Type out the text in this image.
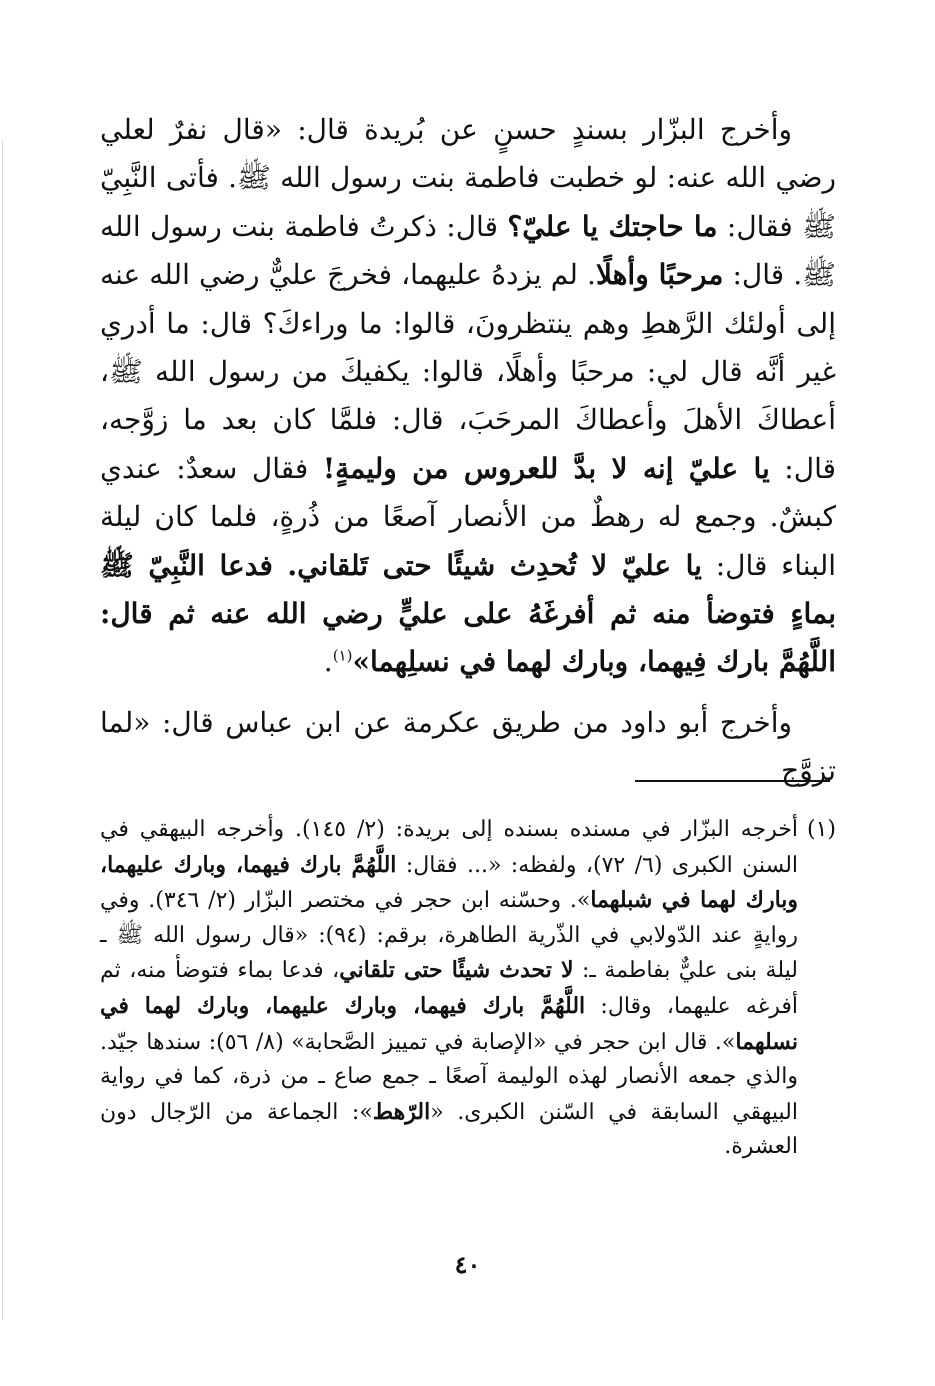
وأخرج البزّار بسندٍ حسنٍ عن بُريدة قال: «قال نفرٌ لعلي رضي الله عنه: لو خطبت فاطمة بنت رسول الله ﷺ. فأتى النَّبِيّ ﷺ فقال: ما حاجتك يا عليّ؟ قال: ذكرتُ فاطمة بنت رسول الله ﷺ. قال: مرحبًا وأهلًا. لم يزدهُ عليهما، فخرجَ عليٌّ رضي الله عنه إلى أولئك الرَّهطِ وهم ينتظرونَ، قالوا: ما وراءكَ؟ قال: ما أدري غير أنَّه قال لي: مرحبًا وأهلًا، قالوا: يكفيكَ من رسول الله ﷺ، أعطاكَ الأهلَ وأعطاكَ المرحَبَ، قال: فلمَّا كان بعد ما زوَّجه، قال: يا عليّ إنه لا بدَّ للعروس من وليمةٍ! فقال سعدٌ: عندي كبشٌ. وجمع له رهطٌ من الأنصار آصعًا من ذُرةٍ، فلما كان ليلة البناء قال: يا عليّ لا تُحدِث شيئًا حتى تَلقاني. فدعا النَّبِيّ ﷺ بماءٍ فتوضأ منه ثم أفرغَهُ على عليٍّ رضي الله عنه ثم قال: اللَّهُمَّ بارك فِيهما، وبارك لهما في نسلِهما»$^{(١)}$.

وأخرج أبو داود من طريق عكرمة عن ابن عباس قال: «لما تزوَّج

(١)
أخرجه البزّار في مسنده بسنده إلى بريدة: (٢/ ١٤٥). وأخرجه البيهقي في السنن الكبرى (٦/ ٧٢)، ولفظه: «... فقال: اللَّهُمَّ بارك فيهما، وبارك عليهما، وبارك لهما في شبلهما». وحسّنه ابن حجر في مختصر البزّار (٢/ ٣٤٦). وفي روايةٍ عند الدّولابي في الذّرية الطاهرة، برقم: (٩٤): «قال رسول الله ﷺ ـ ليلة بنى عليٌّ بفاطمة ـ: لا تحدث شيئًا حتى تلقاني، فدعا بماء فتوضأ منه، ثم أفرغه عليهما، وقال: اللَّهُمَّ بارك فيهما، وبارك عليهما، وبارك لهما في نسلهما». قال ابن حجر في «الإصابة في تمييز الصَّحابة» (٨/ ٥٦): سندها جيّد. والذي جمعه الأنصار لهذه الوليمة آصعًا ـ جمع صاع ـ من ذرة، كما في رواية البيهقي السابقة في السّنن الكبرى. «الرّهط»: الجماعة من الرّجال دون العشرة.

٤٠
